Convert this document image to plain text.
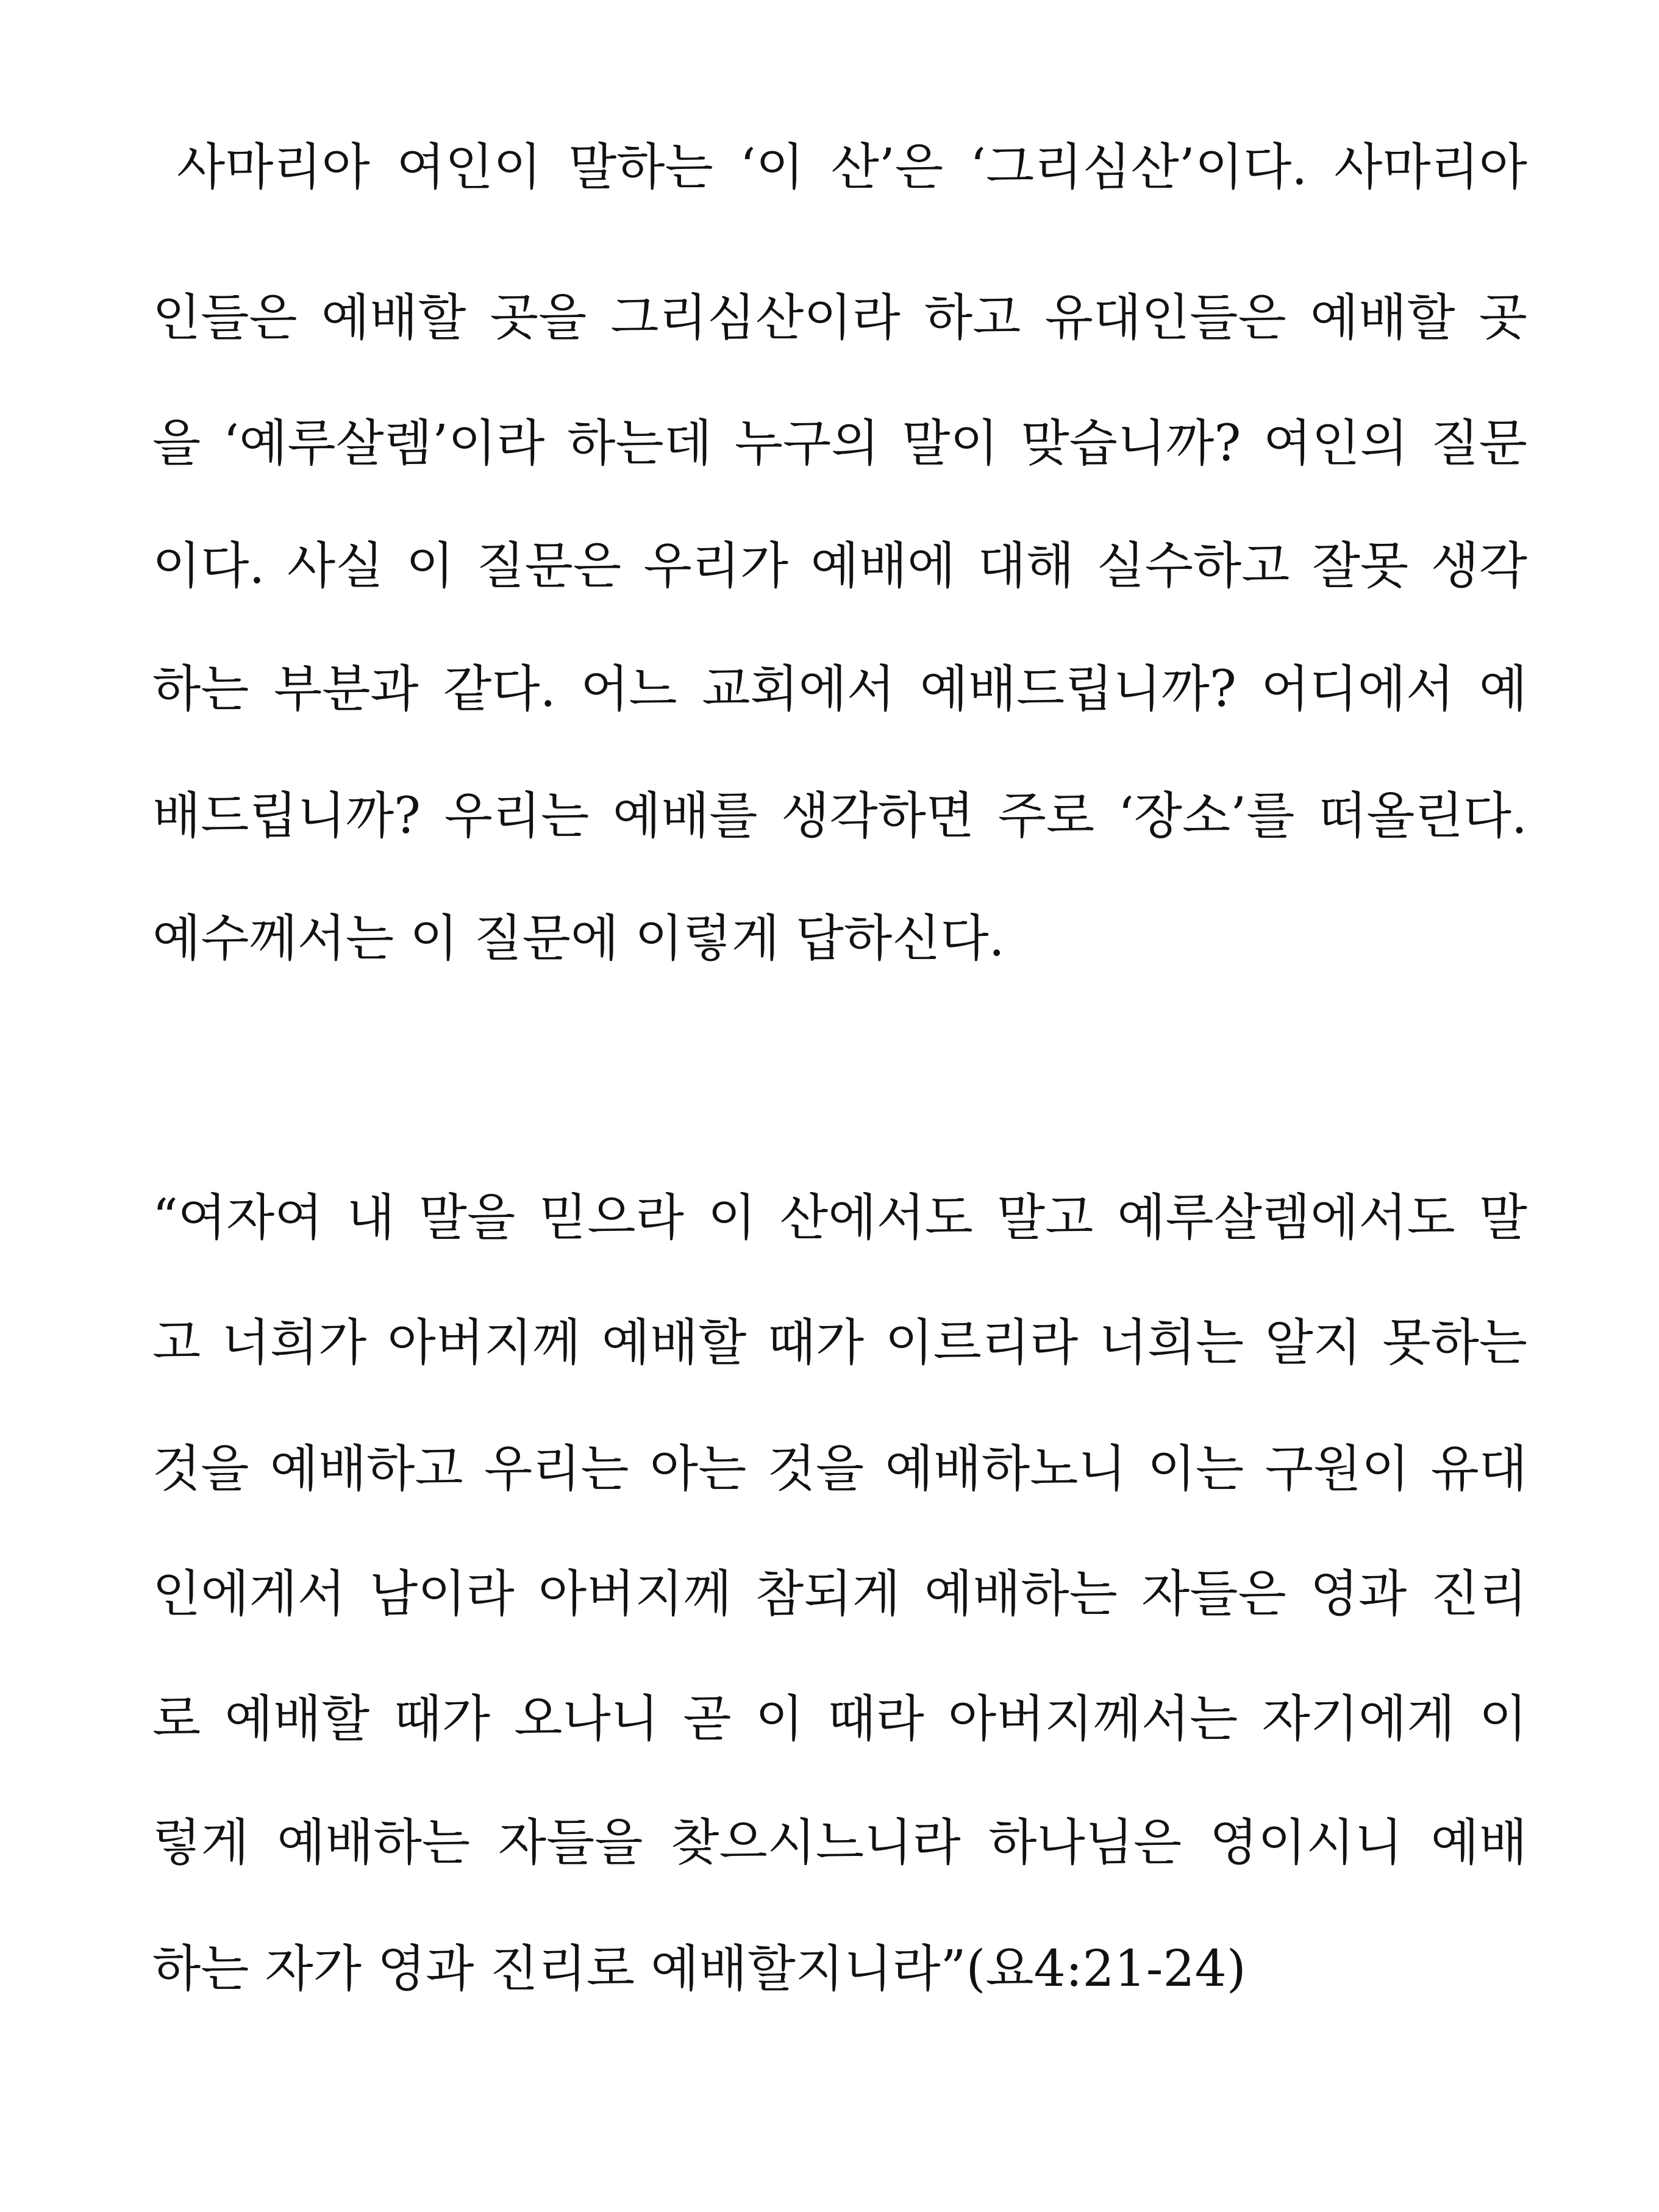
사마리아 여인이 말하는 ‘이 산’은 ‘그리심산’이다. 사마리아
인들은 예배할 곳을 그리심산이라 하고 유대인들은 예배할 곳
을 ‘예루살렘’이라 하는데 누구의 말이 맞습니까? 여인의 질문
이다. 사실 이 질문은 우리가 예배에 대해 실수하고 잘못 생각
하는 부분과 같다. 어느 교회에서 예배드립니까? 어디에서 예
배드립니까? 우리는 예배를 생각하면 주로 ‘장소’를 떠올린다.
예수께서는 이 질문에 이렇게 답하신다.
“여자여 내 말을 믿으라 이 산에서도 말고 예루살렘에서도 말
고 너희가 아버지께 예배할 때가 이르리라 너희는 알지 못하는
것을 예배하고 우리는 아는 것을 예배하노니 이는 구원이 유대
인에게서 남이라 아버지께 참되게 예배하는 자들은 영과 진리
로 예배할 때가 오나니 곧 이 때라 아버지께서는 자기에게 이
렇게 예배하는 자들을 찾으시느니라 하나님은 영이시니 예배
하는 자가 영과 진리로 예배할지니라”(요4:21-24)
